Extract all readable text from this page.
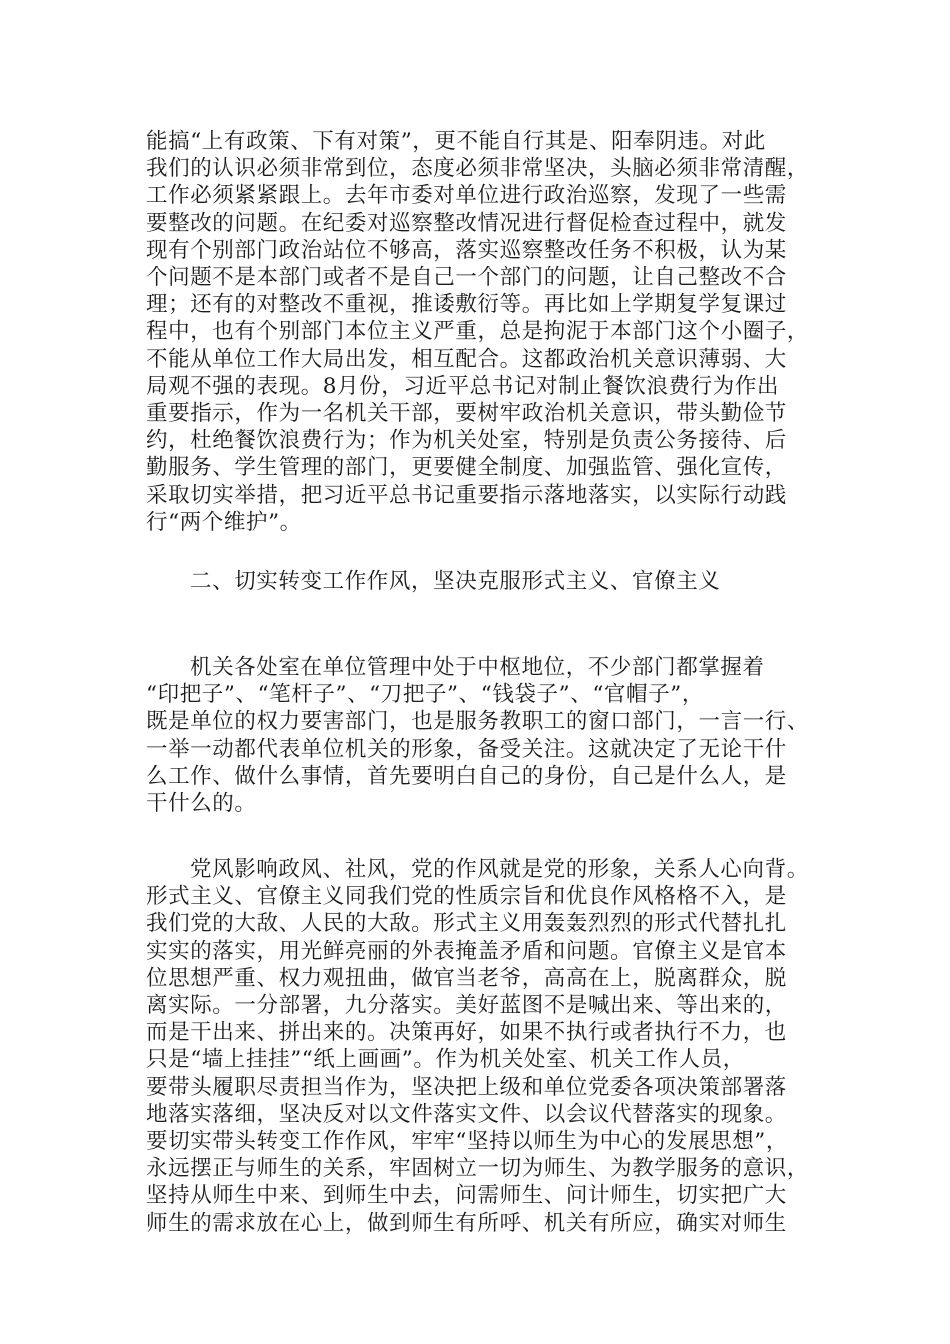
能搞“上有政策、下有对策”，更不能自行其是、阳奉阴违。对此
我们的认识必须非常到位，态度必须非常坚决，头脑必须非常清醒，
工作必须紧紧跟上。去年市委对单位进行政治巡察，发现了一些需
要整改的问题。在纪委对巡察整改情况进行督促检查过程中，就发
现有个别部门政治站位不够高，落实巡察整改任务不积极，认为某
个问题不是本部门或者不是自己一个部门的问题，让自己整改不合
理；还有的对整改不重视，推诿敷衍等。再比如上学期复学复课过
程中，也有个别部门本位主义严重，总是拘泥于本部门这个小圈子，
不能从单位工作大局出发，相互配合。这都政治机关意识薄弱、大
局观不强的表现。8月份，习近平总书记对制止餐饮浪费行为作出
重要指示，作为一名机关干部，要树牢政治机关意识，带头勤俭节
约，杜绝餐饮浪费行为；作为机关处室，特别是负责公务接待、后
勤服务、学生管理的部门，更要健全制度、加强监管、强化宣传，
采取切实举措，把习近平总书记重要指示落地落实，以实际行动践
行“两个维护”。
二、切实转变工作作风，坚决克服形式主义、官僚主义
机关各处室在单位管理中处于中枢地位，不少部门都掌握着
“印把子”、“笔杆子”、“刀把子”、“钱袋子”、“官帽子”，
既是单位的权力要害部门，也是服务教职工的窗口部门，一言一行、
一举一动都代表单位机关的形象，备受关注。这就决定了无论干什
么工作、做什么事情，首先要明白自己的身份，自己是什么人，是
干什么的。
党风影响政风、社风，党的作风就是党的形象，关系人心向背。
形式主义、官僚主义同我们党的性质宗旨和优良作风格格不入，是
我们党的大敌、人民的大敌。形式主义用轰轰烈烈的形式代替扎扎
实实的落实，用光鲜亮丽的外表掩盖矛盾和问题。官僚主义是官本
位思想严重、权力观扭曲，做官当老爷，高高在上，脱离群众，脱
离实际。一分部署，九分落实。美好蓝图不是喊出来、等出来的，
而是干出来、拼出来的。决策再好，如果不执行或者执行不力，也
只是“墙上挂挂”“纸上画画”。作为机关处室、机关工作人员，
要带头履职尽责担当作为，坚决把上级和单位党委各项决策部署落
地落实落细，坚决反对以文件落实文件、以会议代替落实的现象。
要切实带头转变工作作风，牢牢“坚持以师生为中心的发展思想”，
永远摆正与师生的关系，牢固树立一切为师生、为教学服务的意识，
坚持从师生中来、到师生中去，问需师生、问计师生，切实把广大
师生的需求放在心上，做到师生有所呼、机关有所应，确实对师生
